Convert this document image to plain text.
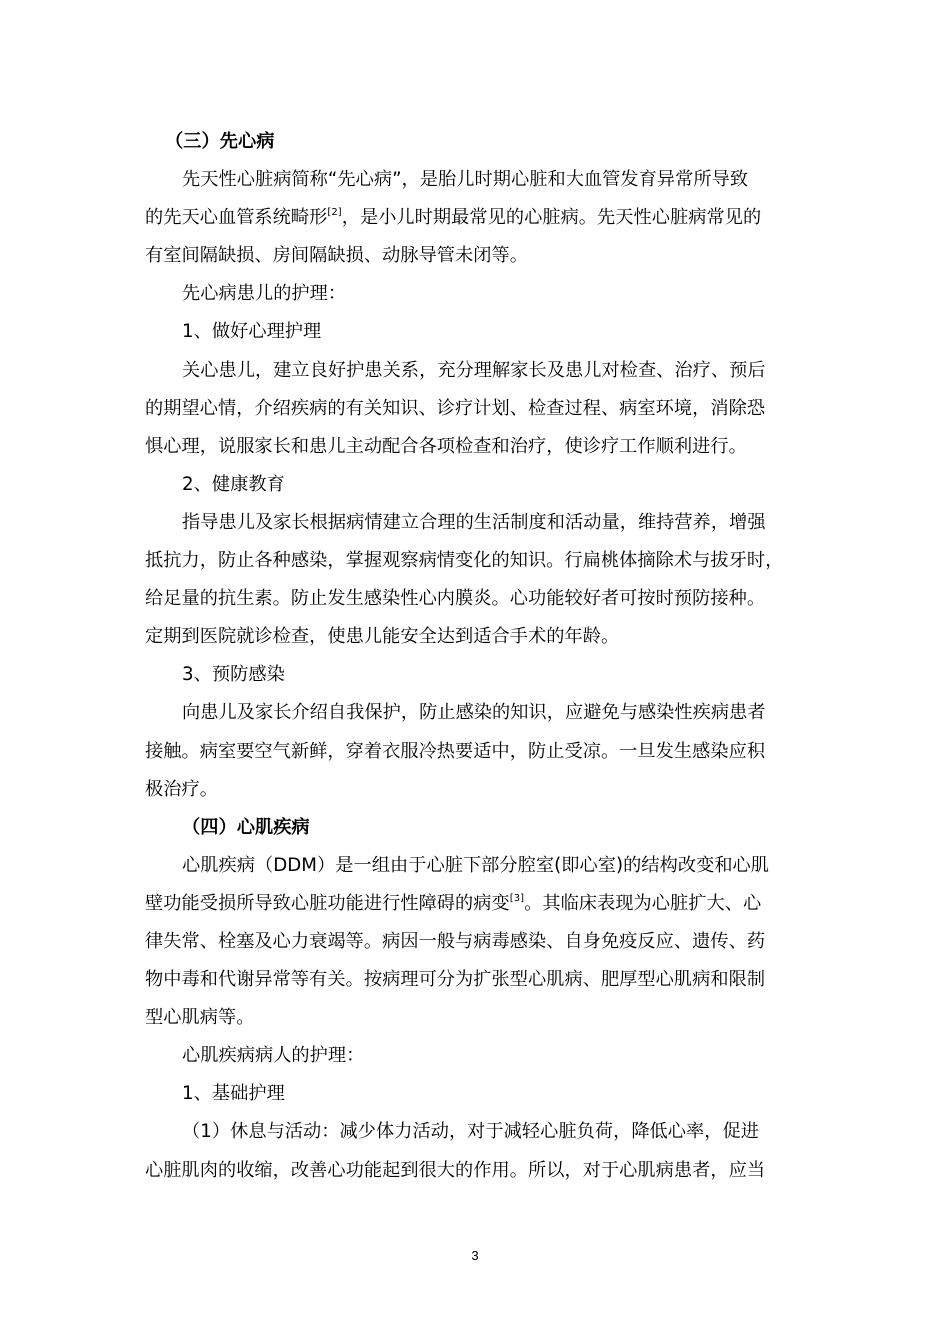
（三）先心病
先天性心脏病简称“先心病”，是胎儿时期心脏和大血管发育异常所导致
的先天心血管系统畸形[2]，是小儿时期最常见的心脏病。先天性心脏病常见的
有室间隔缺损、房间隔缺损、动脉导管未闭等。
先心病患儿的护理：
1、做好心理护理
关心患儿，建立良好护患关系，充分理解家长及患儿对检查、治疗、预后
的期望心情，介绍疾病的有关知识、诊疗计划、检查过程、病室环境，消除恐
惧心理，说服家长和患儿主动配合各项检查和治疗，使诊疗工作顺利进行。
2、健康教育
指导患儿及家长根据病情建立合理的生活制度和活动量，维持营养，增强
抵抗力，防止各种感染，掌握观察病情变化的知识。行扁桃体摘除术与拔牙时，
给足量的抗生素。防止发生感染性心内膜炎。心功能较好者可按时预防接种。
定期到医院就诊检查，使患儿能安全达到适合手术的年龄。
3、预防感染
向患儿及家长介绍自我保护，防止感染的知识，应避免与感染性疾病患者
接触。病室要空气新鲜，穿着衣服冷热要适中，防止受凉。一旦发生感染应积
极治疗。
（四）心肌疾病
心肌疾病（DDM）是一组由于心脏下部分腔室(即心室)的结构改变和心肌
壁功能受损所导致心脏功能进行性障碍的病变[3]。其临床表现为心脏扩大、心
律失常、栓塞及心力衰竭等。病因一般与病毒感染、自身免疫反应、遗传、药
物中毒和代谢异常等有关。按病理可分为扩张型心肌病、肥厚型心肌病和限制
型心肌病等。
心肌疾病病人的护理：
1、基础护理
（1）休息与活动：减少体力活动，对于减轻心脏负荷，降低心率，促进
心脏肌肉的收缩，改善心功能起到很大的作用。所以，对于心肌病患者，应当
3
